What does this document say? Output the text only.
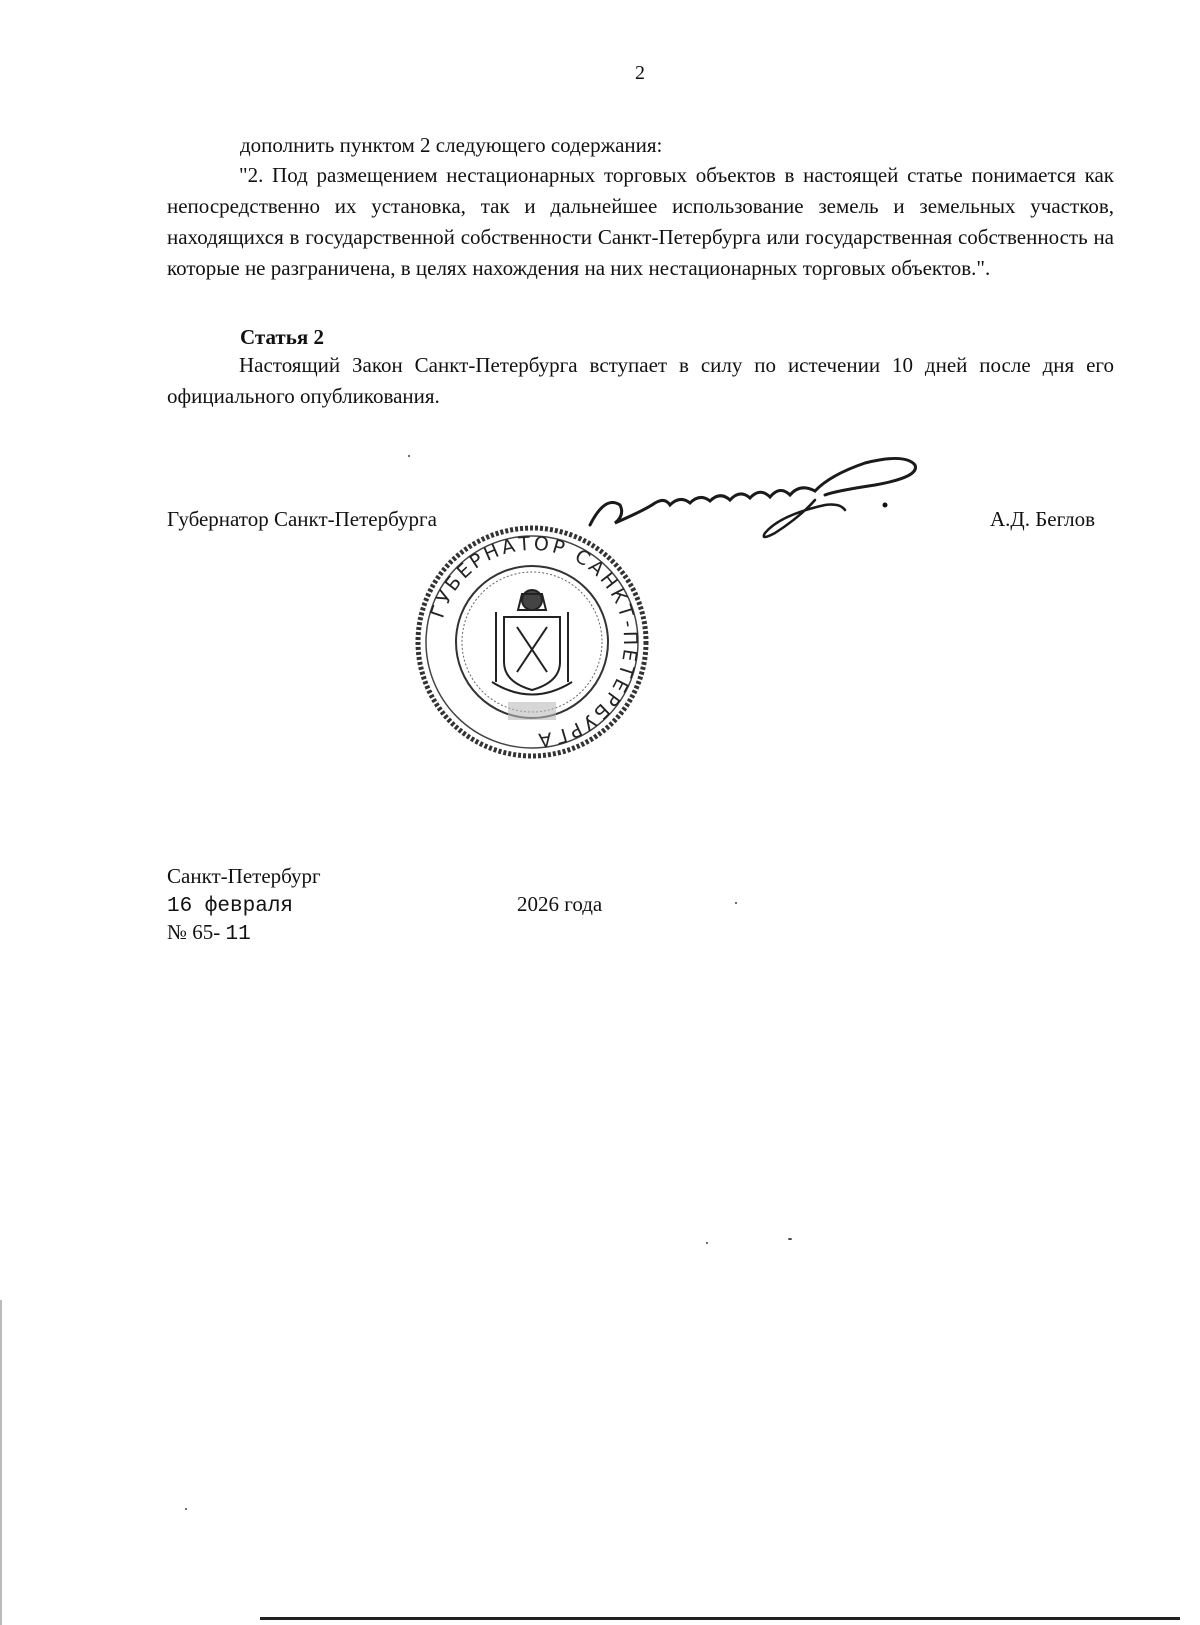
2
дополнить пунктом 2 следующего содержания:

"2. Под размещением нестационарных торговых объектов в настоящей статье понимается как непосредственно их установка, так и дальнейшее использование земель и земельных участков, находящихся в государственной собственности Санкт-Петербурга или государственная собственность на которые не разграничена, в целях нахождения на них нестационарных торговых объектов.".

Статья 2

Настоящий Закон Санкт-Петербурга вступает в силу по истечении 10 дней после дня его официального опубликования.

Губернатор Санкт-Петербурга	А.Д. Беглов
ГУБЕРНАТОР САНКТ-ПЕТЕРБУРГА
Санкт-Петербург
16 февраля	2026 года
№ 65- 11
